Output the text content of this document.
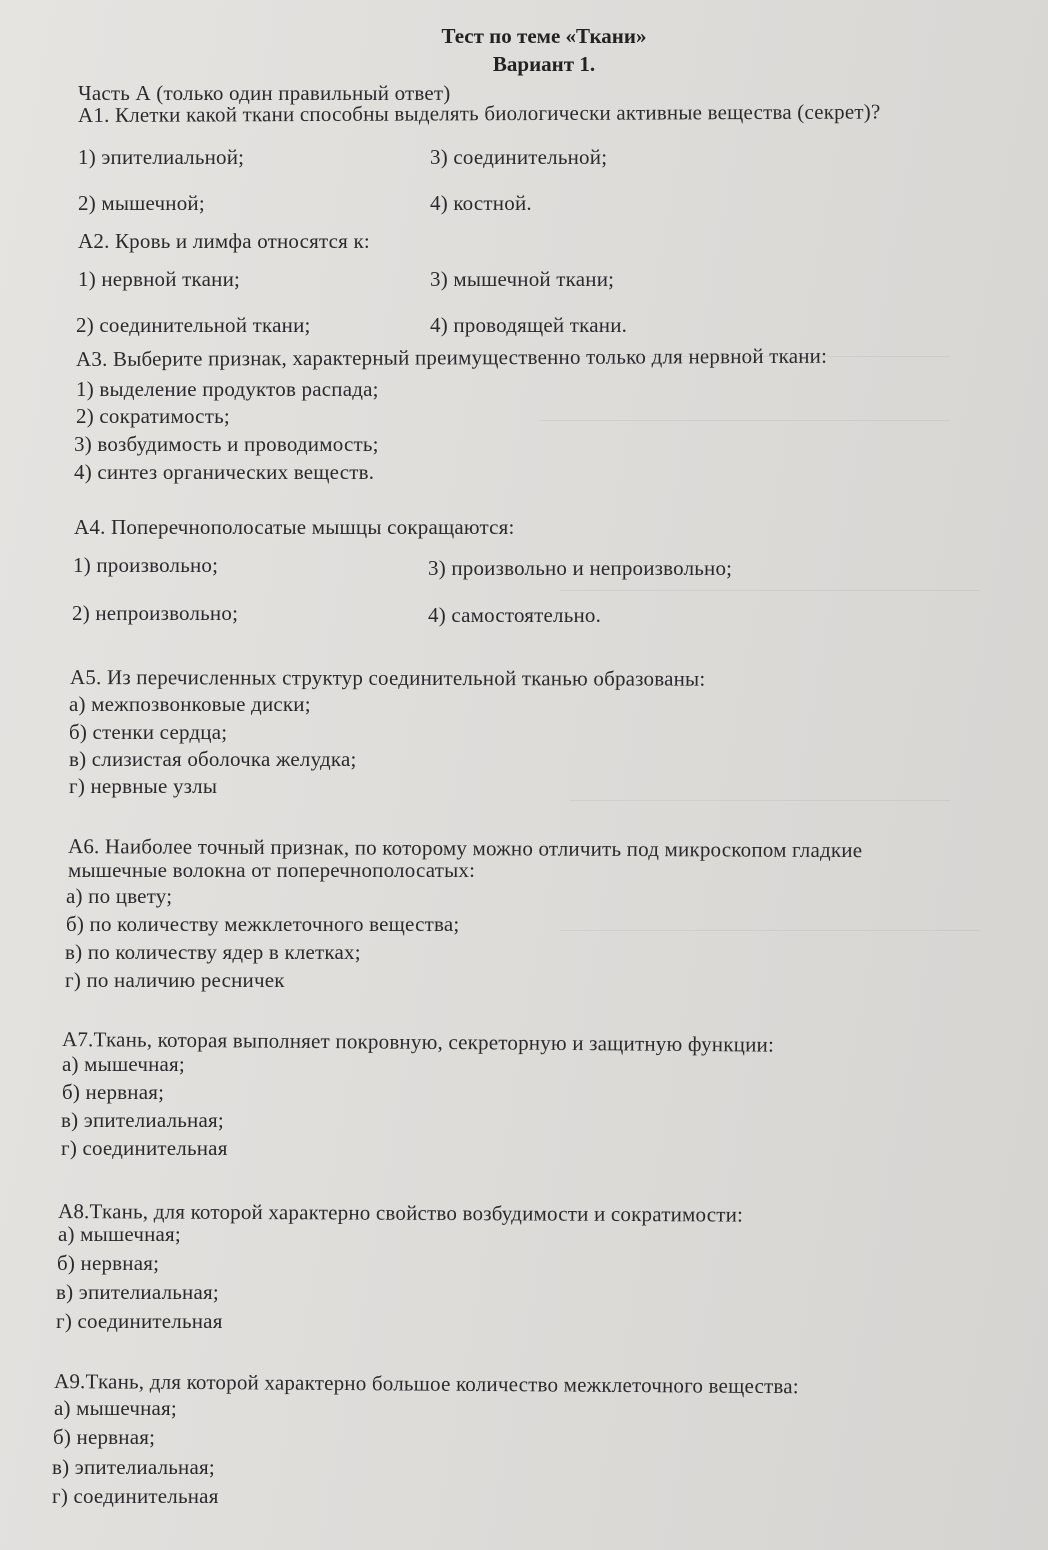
Тест по теме «Ткани»
Вариант 1.
Часть А (только один правильный ответ)
А1. Клетки какой ткани способны выделять биологически активные вещества (секрет)?
1) эпителиальной;	3) соединительной;
2) мышечной;	4) костной.
А2. Кровь и лимфа относятся к:
1) нервной ткани;	3) мышечной ткани;
2) соединительной ткани;	4) проводящей ткани.
А3. Выберите признак, характерный преимущественно только для нервной ткани:
1) выделение продуктов распада;
2) сократимость;
3) возбудимость и проводимость;
4) синтез органических веществ.
А4. Поперечнополосатые мышцы сокращаются:
1) произвольно;	3) произвольно и непроизвольно;
2) непроизвольно;	4) самостоятельно.
А5. Из перечисленных структур соединительной тканью образованы:
а) межпозвонковые диски;
б) стенки сердца;
в) слизистая оболочка желудка;
г) нервные узлы
А6. Наиболее точный признак, по которому можно отличить под микроскопом гладкие
мышечные волокна от поперечнополосатых:
а) по цвету;
б) по количеству межклеточного вещества;
в) по количеству ядер в клетках;
г) по наличию ресничек
А7.Ткань, которая выполняет покровную, секреторную и защитную функции:
а) мышечная;
б) нервная;
в) эпителиальная;
г) соединительная
А8.Ткань, для которой характерно свойство возбудимости и сократимости:
а) мышечная;
б) нервная;
в) эпителиальная;
г) соединительная
А9.Ткань, для которой характерно большое количество межклеточного вещества:
а) мышечная;
б) нервная;
в) эпителиальная;
г) соединительная
